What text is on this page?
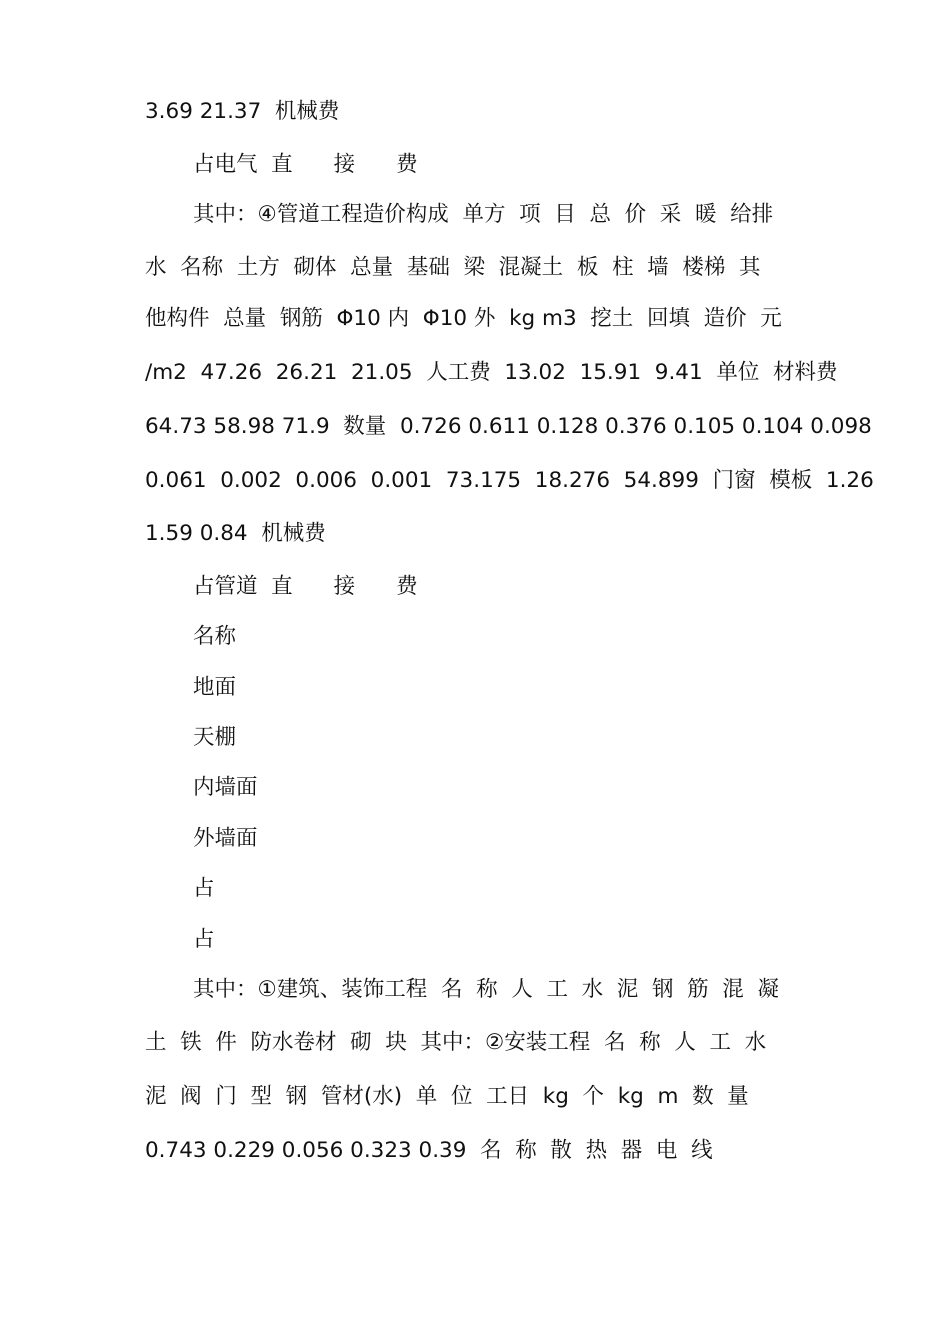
3.69 21.37  机械费
占电气  直      接      费
其中：④管道工程造价构成  单方  项  目  总  价  采  暖  给排
水  名称  土方  砌体  总量  基础  梁  混凝土  板  柱  墙  楼梯  其
他构件  总量  钢筋  Φ10 内  Φ10 外  kg m3  挖土  回填  造价  元
/m2  47.26  26.21  21.05  人工费  13.02  15.91  9.41  单位  材料费
64.73 58.98 71.9  数量  0.726 0.611 0.128 0.376 0.105 0.104 0.098
0.061  0.002  0.006  0.001  73.175  18.276  54.899  门窗  模板  1.26
1.59 0.84  机械费
占管道  直      接      费
名称
地面
天棚
内墙面
外墙面
占
占
其中：①建筑、装饰工程  名  称  人  工  水  泥  钢  筋  混  凝
土  铁  件  防水卷材  砌  块  其中：②安装工程  名  称  人  工  水
泥  阀  门  型  钢  管材(水)  单  位  工日  kg  个  kg  m  数  量
0.743 0.229 0.056 0.323 0.39  名  称  散  热  器  电  线
